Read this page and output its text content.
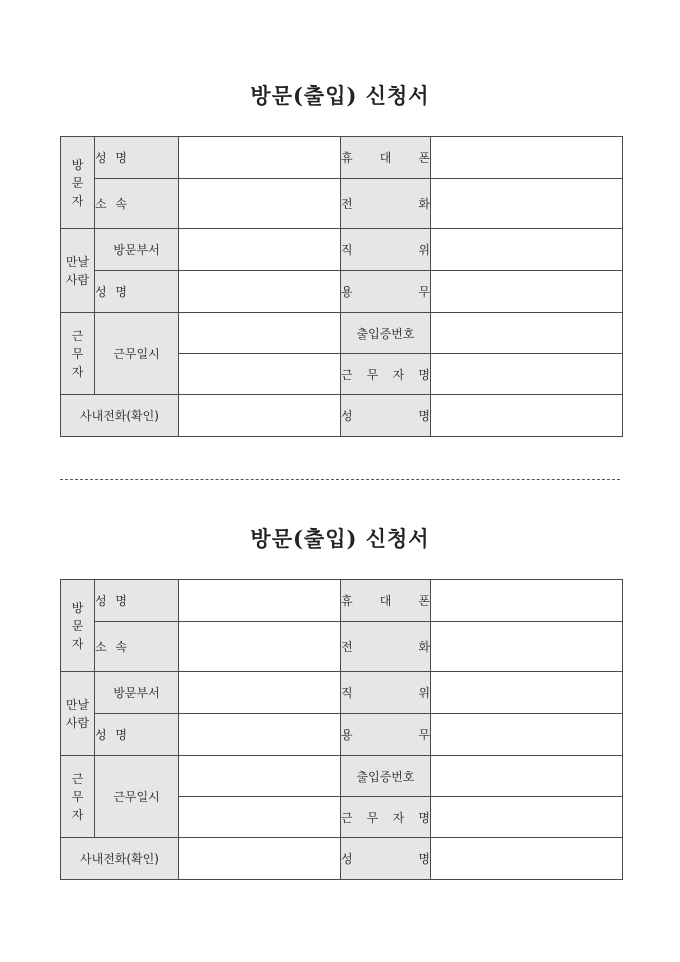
방문(출입) 신청서
방
문
자	성 명		휴 대 폰	

	소 속		전 화	

만날
사람	방문부서		직 위	

	성 명		용 무	

근
무
자	근무일시		출입증번호	

			근 무 자 명	

사내전화(확인)			성 명	

방문(출입) 신청서
방
문
자	성 명		휴 대 폰	

	소 속		전 화	

만날
사람	방문부서		직 위	

	성 명		용 무	

근
무
자	근무일시		출입증번호	

			근 무 자 명	

사내전화(확인)			성 명	
